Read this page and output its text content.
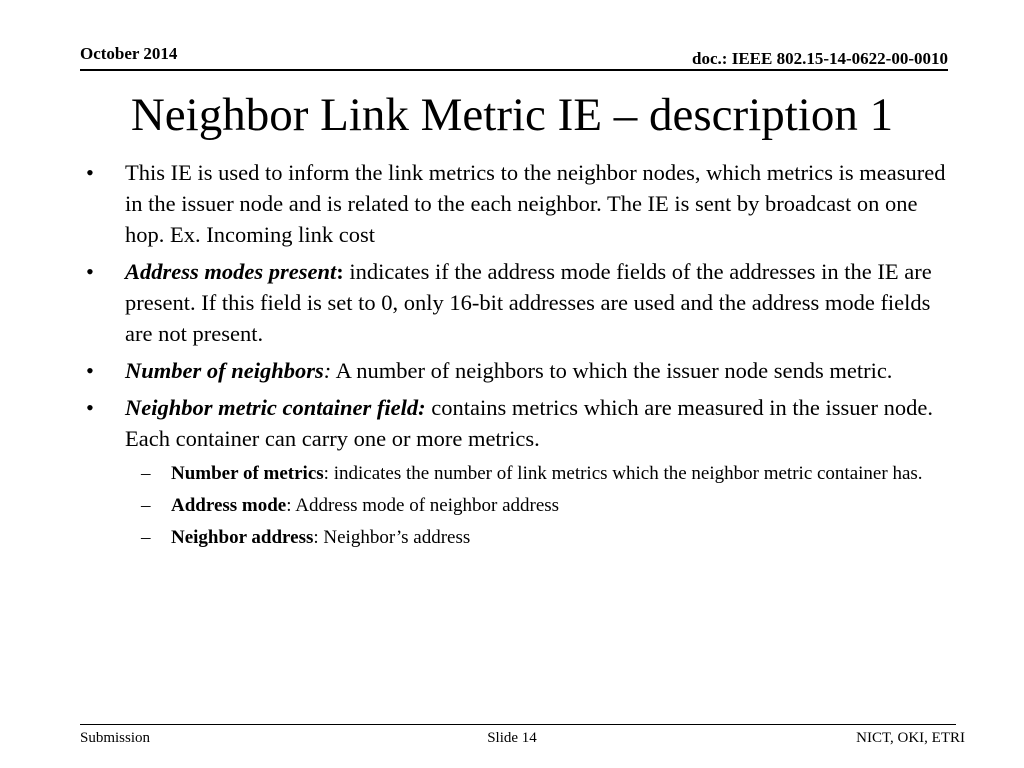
October 2014	doc.: IEEE 802.15-14-0622-00-0010
Neighbor Link Metric IE – description 1
• This IE is used to inform the link metrics to the neighbor nodes, which metrics is measured in the issuer node and is related to the each neighbor. The IE is sent by broadcast on one hop. Ex. Incoming link cost
• Address modes present: indicates if the address mode fields of the addresses in the IE are present. If this field is set to 0, only 16-bit addresses are used and the address mode fields are not present.
• Number of neighbors: A number of neighbors to which the issuer node sends metric.
• Neighbor metric container field: contains metrics which are measured in the issuer node. Each container can carry one or more metrics.
– Number of metrics: indicates the number of link metrics which the neighbor metric container has.
– Address mode: Address mode of neighbor address
– Neighbor address: Neighbor’s address
Submission	Slide 14	NICT, OKI, ETRI
